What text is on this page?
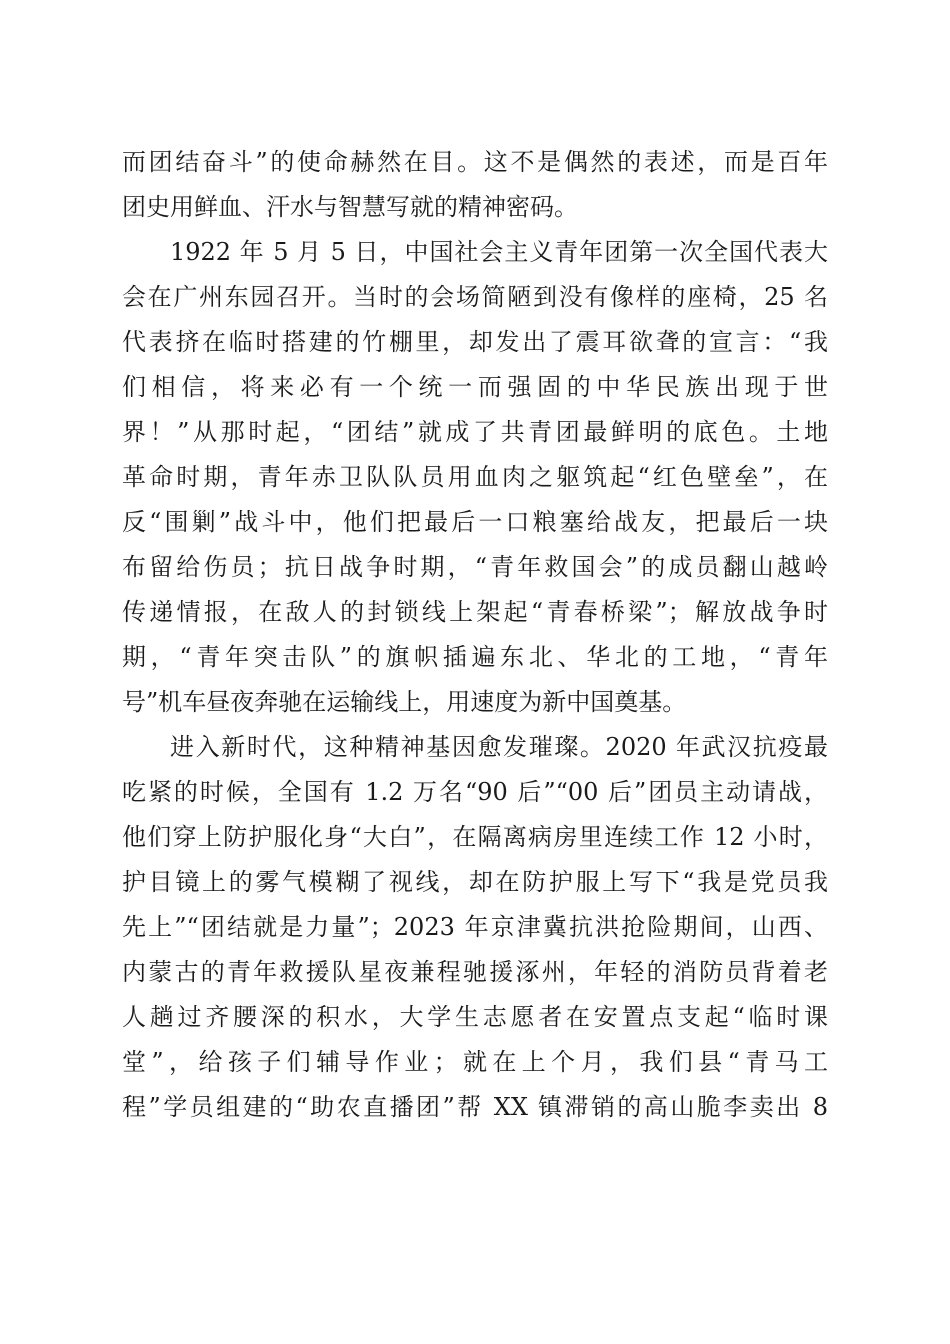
而团结奋斗”的使命赫然在目。这不是偶然的表述，而是百年
团史用鲜血、汗水与智慧写就的精神密码。
1922 年 5 月 5 日，中国社会主义青年团第一次全国代表大
会在广州东园召开。当时的会场简陋到没有像样的座椅，25 名
代表挤在临时搭建的竹棚里，却发出了震耳欲聋的宣言：“我
们相信，将来必有一个统一而强固的中华民族出现于世
界！”从那时起，“团结”就成了共青团最鲜明的底色。土地
革命时期，青年赤卫队队员用血肉之躯筑起“红色壁垒”，在
反“围剿”战斗中，他们把最后一口粮塞给战友，把最后一块
布留给伤员；抗日战争时期，“青年救国会”的成员翻山越岭
传递情报，在敌人的封锁线上架起“青春桥梁”；解放战争时
期，“青年突击队”的旗帜插遍东北、华北的工地，“青年
号”机车昼夜奔驰在运输线上，用速度为新中国奠基。
进入新时代，这种精神基因愈发璀璨。2020 年武汉抗疫最
吃紧的时候，全国有 1.2 万名“90 后”“00 后”团员主动请战，
他们穿上防护服化身“大白”，在隔离病房里连续工作 12 小时，
护目镜上的雾气模糊了视线，却在防护服上写下“我是党员我
先上”“团结就是力量”；2023 年京津冀抗洪抢险期间，山西、
内蒙古的青年救援队星夜兼程驰援涿州，年轻的消防员背着老
人趟过齐腰深的积水，大学生志愿者在安置点支起“临时课
堂”，给孩子们辅导作业；就在上个月，我们县“青马工
程”学员组建的“助农直播团”帮 XX 镇滞销的高山脆李卖出 8
